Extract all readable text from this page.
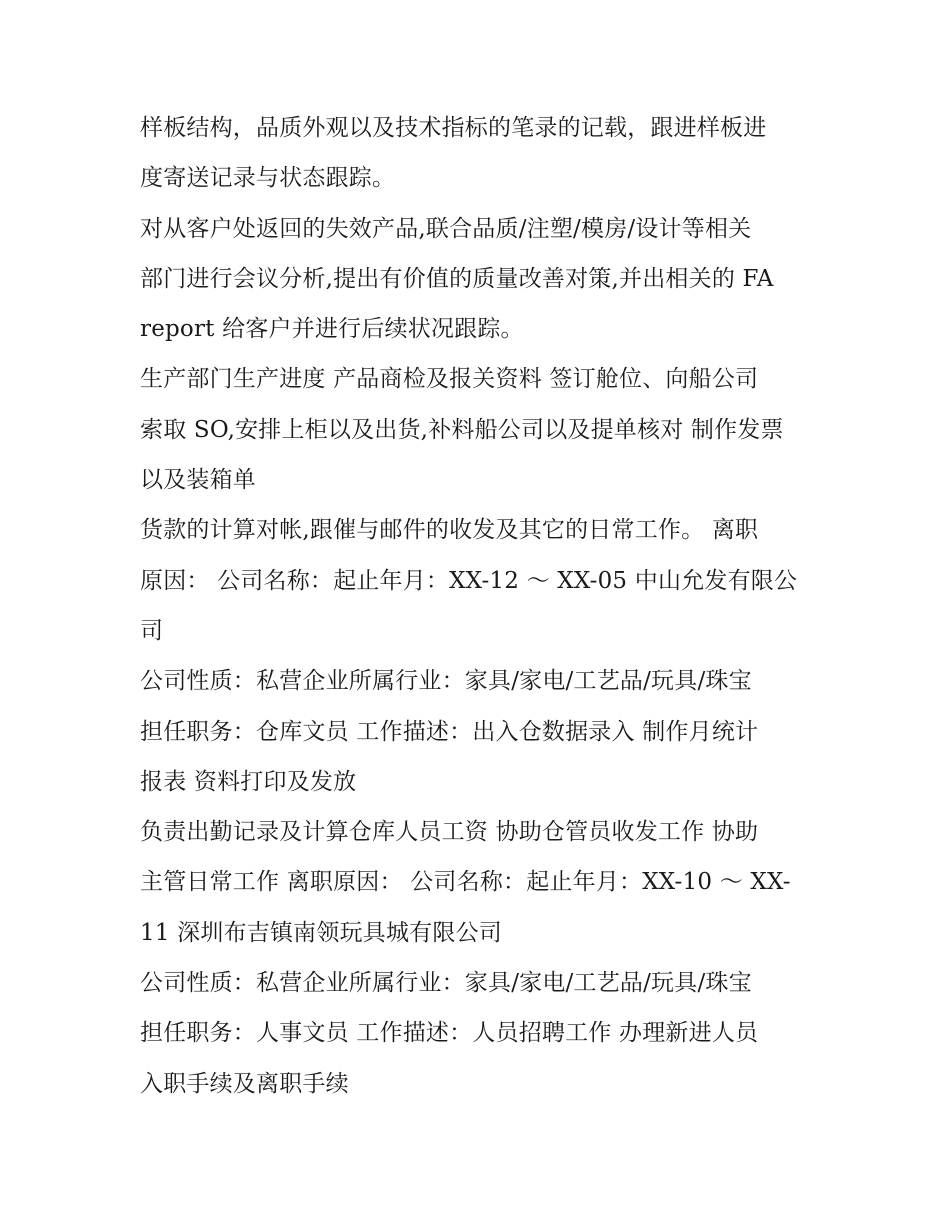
样板结构，品质外观以及技术指标的笔录的记载，跟进样板进
度寄送记录与状态跟踪。
对从客户处返回的失效产品,联合品质/注塑/模房/设计等相关
部门进行会议分析,提出有价值的质量改善对策,并出相关的 FA
report 给客户并进行后续状况跟踪。
生产部门生产进度 产品商检及报关资料 签订舱位、向船公司
索取 SO,安排上柜以及出货,补料船公司以及提单核对 制作发票
以及装箱单
货款的计算对帐,跟催与邮件的收发及其它的日常工作。 离职
原因： 公司名称：起止年月：XX-12 ～ XX-05 中山允发有限公
司
公司性质：私营企业所属行业：家具/家电/工艺品/玩具/珠宝
担任职务：仓库文员 工作描述：出入仓数据录入 制作月统计
报表 资料打印及发放
负责出勤记录及计算仓库人员工资 协助仓管员收发工作 协助
主管日常工作 离职原因： 公司名称：起止年月：XX-10 ～ XX-
11 深圳布吉镇南领玩具城有限公司
公司性质：私营企业所属行业：家具/家电/工艺品/玩具/珠宝
担任职务：人事文员 工作描述：人员招聘工作 办理新进人员
入职手续及离职手续
